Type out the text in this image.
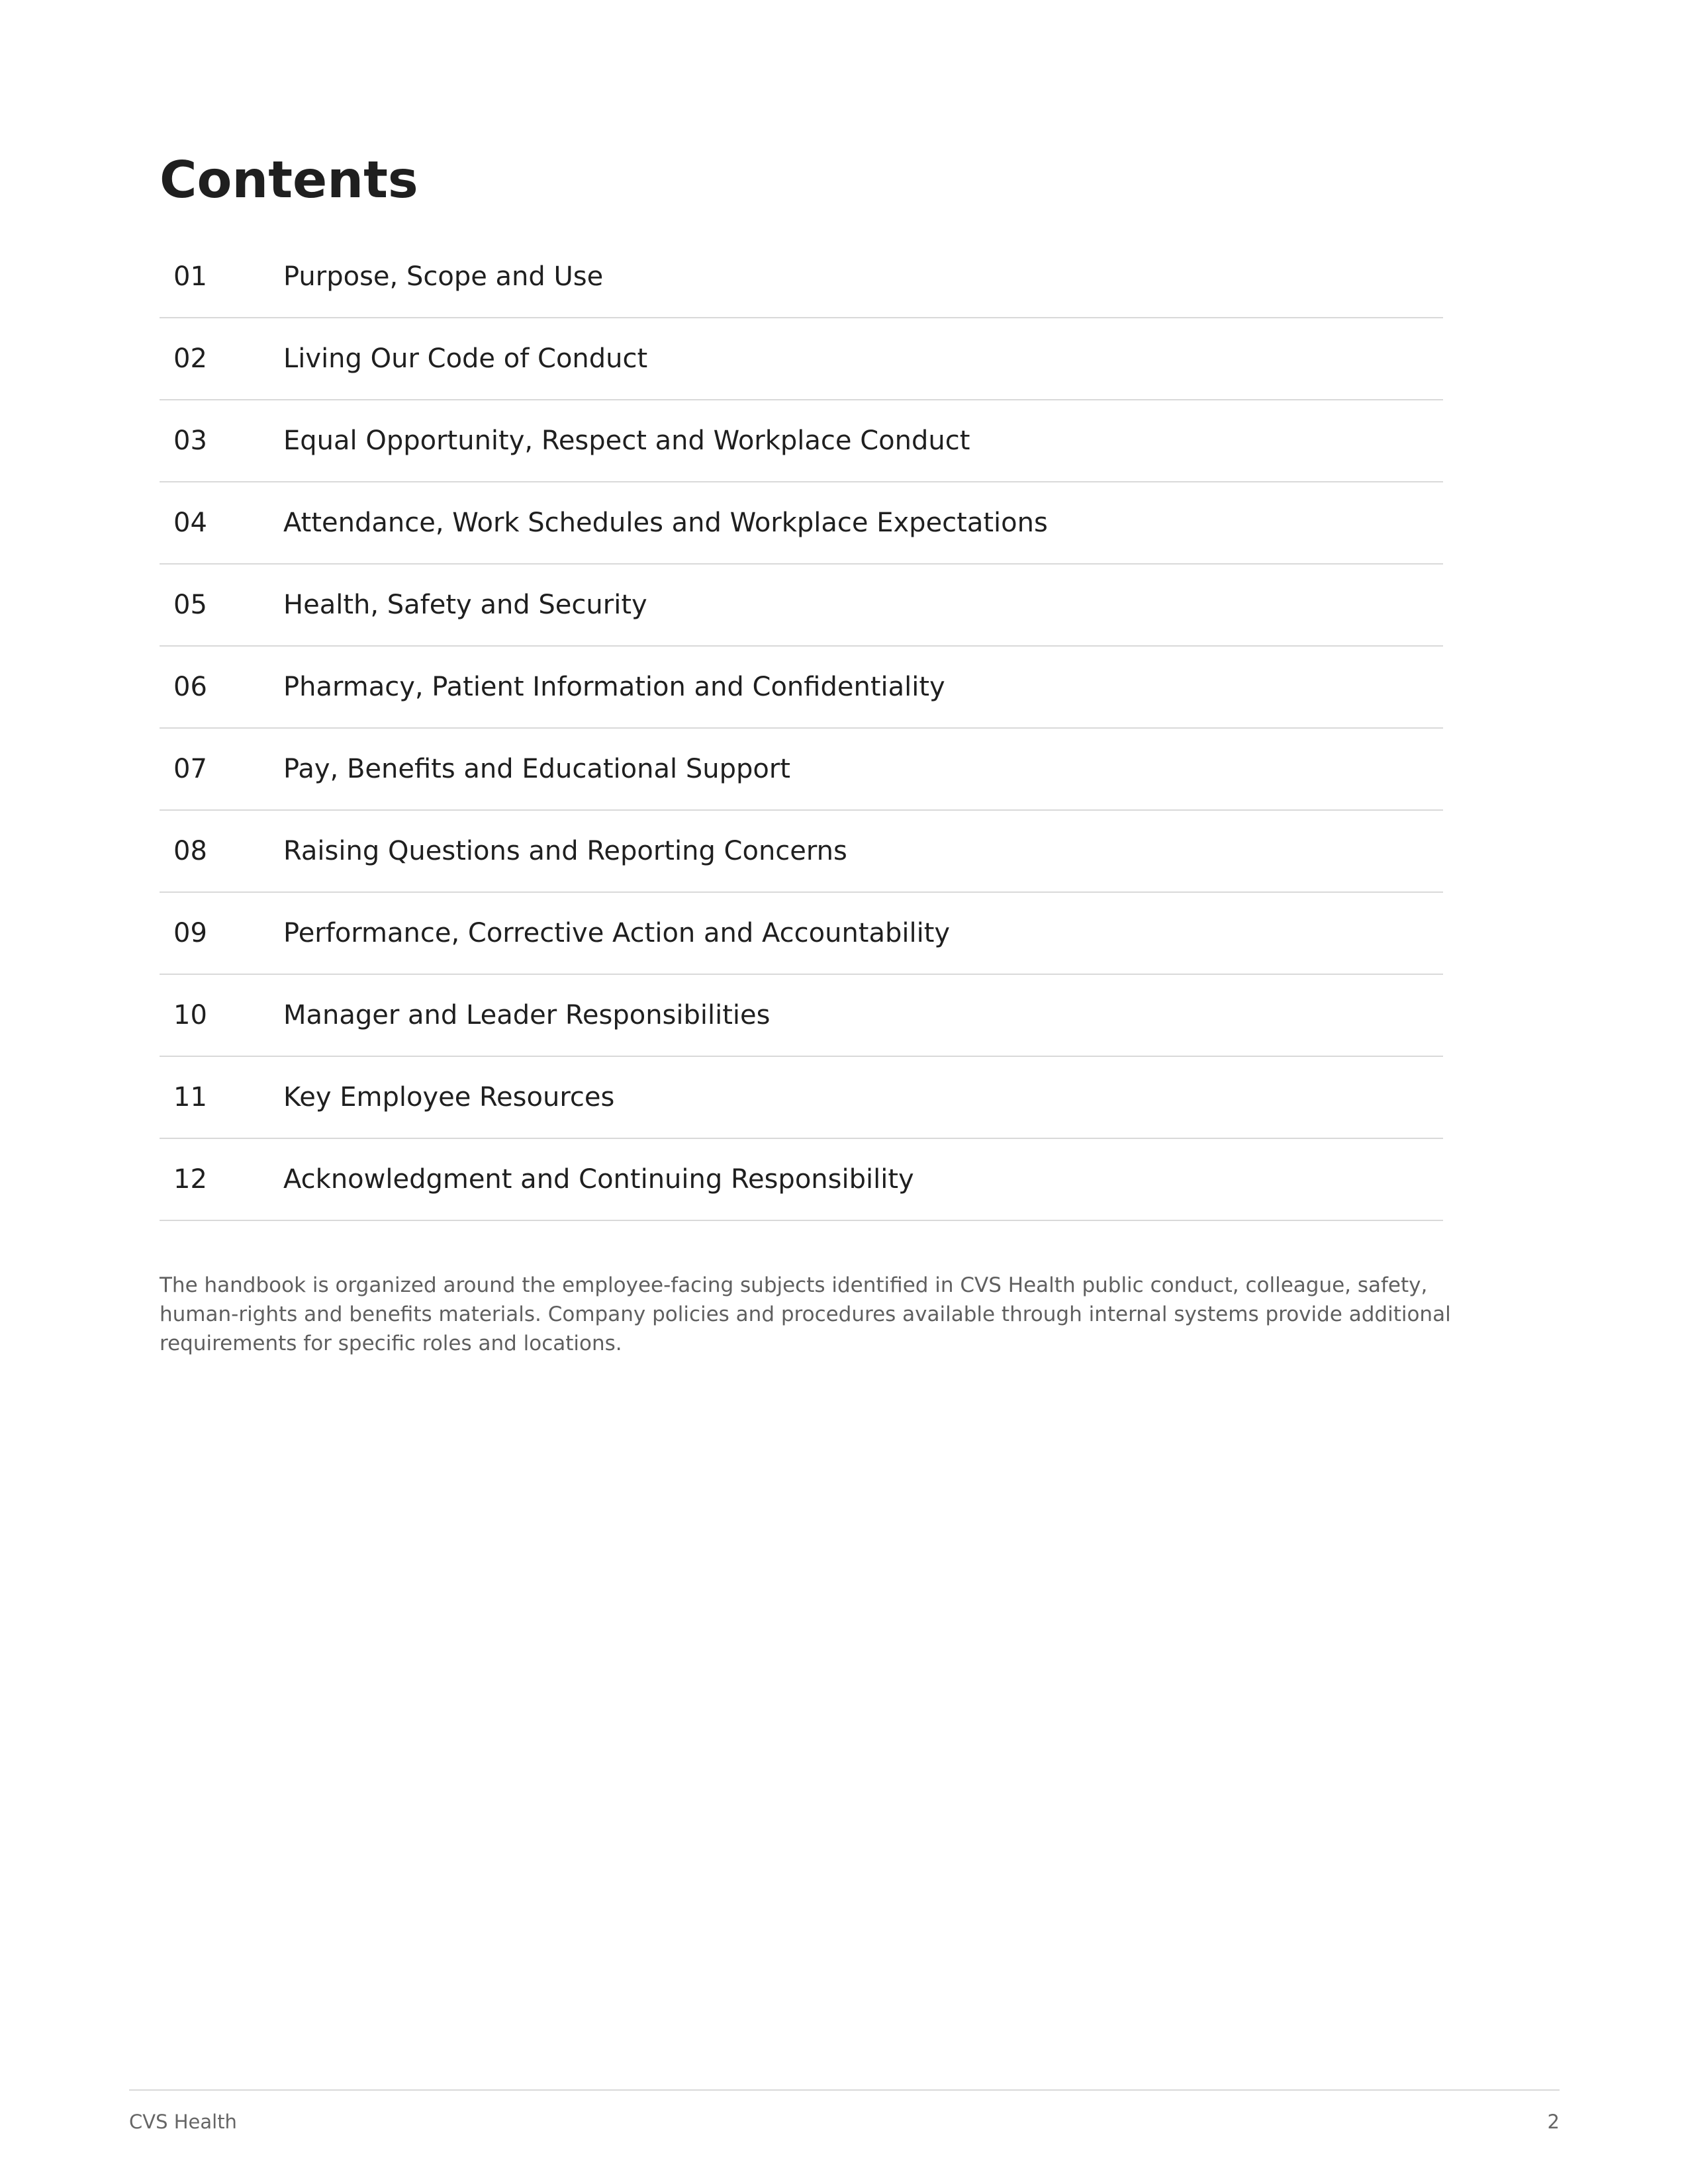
Contents
01	Purpose, Scope and Use
02	Living Our Code of Conduct
03	Equal Opportunity, Respect and Workplace Conduct
04	Attendance, Work Schedules and Workplace Expectations
05	Health, Safety and Security
06	Pharmacy, Patient Information and Confidentiality
07	Pay, Benefits and Educational Support
08	Raising Questions and Reporting Concerns
09	Performance, Corrective Action and Accountability
10	Manager and Leader Responsibilities
11	Key Employee Resources
12	Acknowledgment and Continuing Responsibility

The handbook is organized around the employee-facing subjects identified in CVS Health public conduct, colleague, safety, human-rights and benefits materials. Company policies and procedures available through internal systems provide additional requirements for specific roles and locations.

CVS Health	2
